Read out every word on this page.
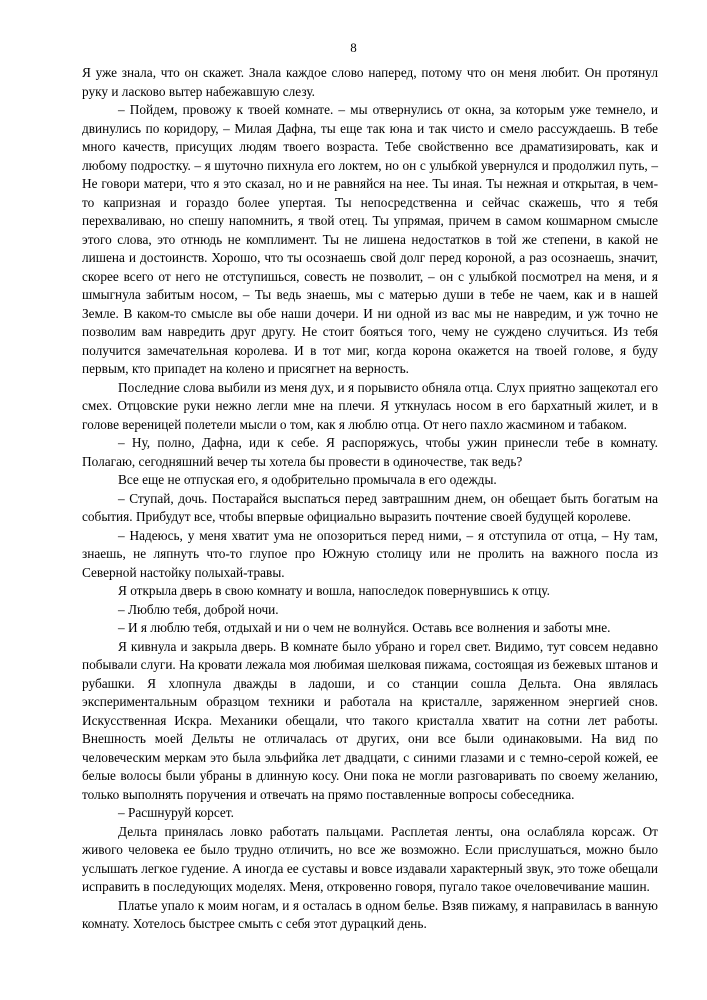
8

Я уже знала, что он скажет. Знала каждое слово наперед, потому что он меня любит. Он протянул руку и ласково вытер набежавшую слезу.

– Пойдем, провожу к твоей комнате. – мы отвернулись от окна, за которым уже темнело, и двинулись по коридору, – Милая Дафна, ты еще так юна и так чисто и смело рассуждаешь. В тебе много качеств, присущих людям твоего возраста. Тебе свойственно все драматизировать, как и любому подростку. – я шуточно пихнула его локтем, но он с улыбкой увернулся и продолжил путь, – Не говори матери, что я это сказал, но и не равняйся на нее. Ты иная. Ты нежная и открытая, в чем-то капризная и гораздо более упертая. Ты непосредственна и сейчас скажешь, что я тебя перехваливаю, но спешу напомнить, я твой отец. Ты упрямая, причем в самом кошмарном смысле этого слова, это отнюдь не комплимент. Ты не лишена недостатков в той же степени, в какой не лишена и достоинств. Хорошо, что ты осознаешь свой долг перед короной, а раз осознаешь, значит, скорее всего от него не отступишься, совесть не позволит, – он с улыбкой посмотрел на меня, и я шмыгнула забитым носом, – Ты ведь знаешь, мы с матерью души в тебе не чаем, как и в нашей Земле. В каком-то смысле вы обе наши дочери. И ни одной из вас мы не навредим, и уж точно не позволим вам навредить друг другу. Не стоит бояться того, чему не суждено случиться. Из тебя получится замечательная королева. И в тот миг, когда корона окажется на твоей голове, я буду первым, кто припадет на колено и присягнет на верность.

Последние слова выбили из меня дух, и я порывисто обняла отца. Слух приятно защекотал его смех. Отцовские руки нежно легли мне на плечи. Я уткнулась носом в его бархатный жилет, и в голове вереницей полетели мысли о том, как я люблю отца. От него пахло жасмином и табаком.

– Ну, полно, Дафна, иди к себе. Я распоряжусь, чтобы ужин принесли тебе в комнату. Полагаю, сегодняшний вечер ты хотела бы провести в одиночестве, так ведь?

Все еще не отпуская его, я одобрительно промычала в его одежды.

– Ступай, дочь. Постарайся выспаться перед завтрашним днем, он обещает быть богатым на события. Прибудут все, чтобы впервые официально выразить почтение своей будущей королеве.

– Надеюсь, у меня хватит ума не опозориться перед ними, – я отступила от отца, – Ну там, знаешь, не ляпнуть что-то глупое про Южную столицу или не пролить на важного посла из Северной настойку полыхай-травы.

Я открыла дверь в свою комнату и вошла, напоследок повернувшись к отцу.

– Люблю тебя, доброй ночи.

– И я люблю тебя, отдыхай и ни о чем не волнуйся. Оставь все волнения и заботы мне.

Я кивнула и закрыла дверь. В комнате было убрано и горел свет. Видимо, тут совсем недавно побывали слуги. На кровати лежала моя любимая шелковая пижама, состоящая из бежевых штанов и рубашки. Я хлопнула дважды в ладоши, и со станции сошла Дельта. Она являлась экспериментальным образцом техники и работала на кристалле, заряженном энергией снов. Искусственная Искра. Механики обещали, что такого кристалла хватит на сотни лет работы. Внешность моей Дельты не отличалась от других, они все были одинаковыми. На вид по человеческим меркам это была эльфийка лет двадцати, с синими глазами и с темно-серой кожей, ее белые волосы были убраны в длинную косу. Они пока не могли разговаривать по своему желанию, только выполнять поручения и отвечать на прямо поставленные вопросы собеседника.

– Расшнуруй корсет.

Дельта принялась ловко работать пальцами. Расплетая ленты, она ослабляла корсаж. От живого человека ее было трудно отличить, но все же возможно. Если прислушаться, можно было услышать легкое гудение. А иногда ее суставы и вовсе издавали характерный звук, это тоже обещали исправить в последующих моделях. Меня, откровенно говоря, пугало такое очеловечивание машин.

Платье упало к моим ногам, и я осталась в одном белье. Взяв пижаму, я направилась в ванную комнату. Хотелось быстрее смыть с себя этот дурацкий день.
